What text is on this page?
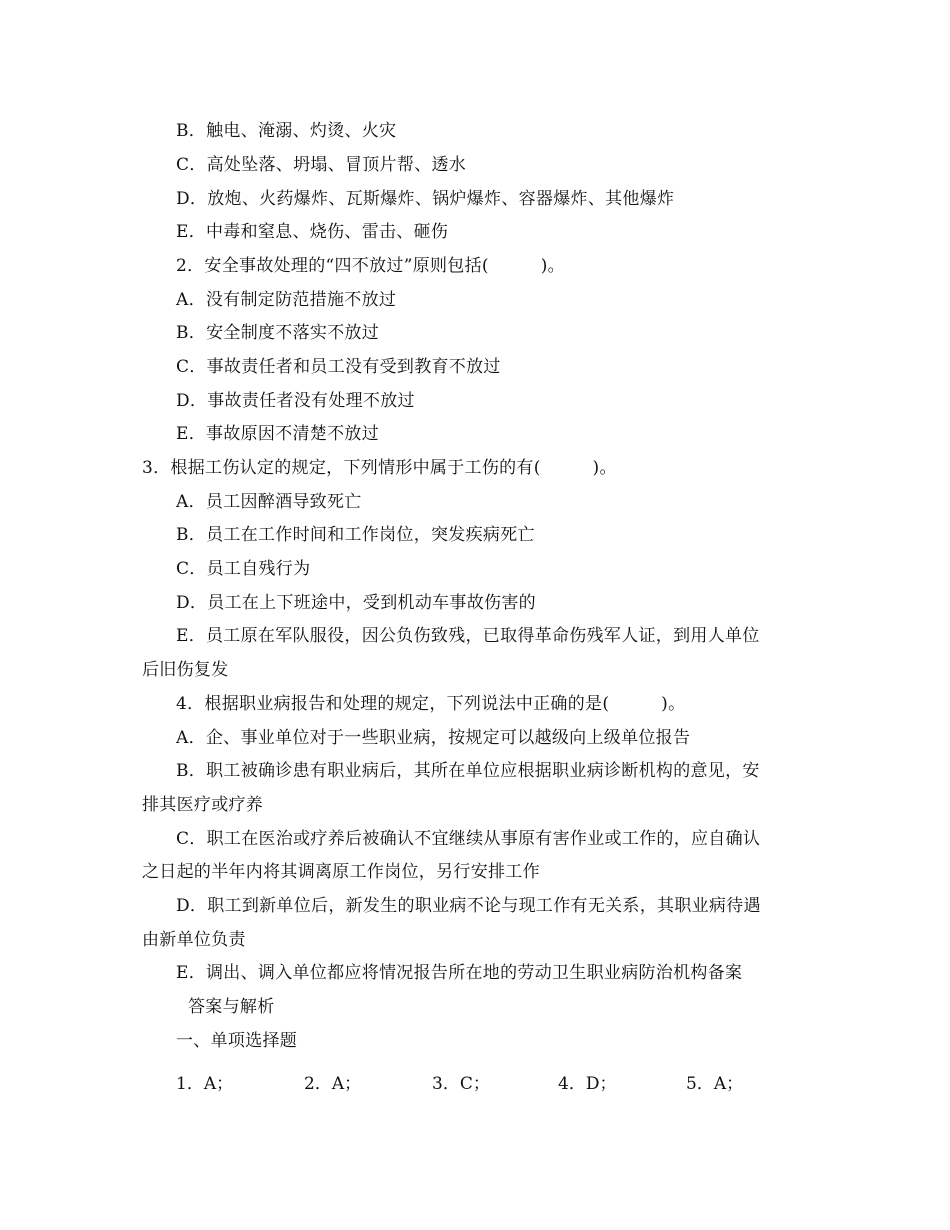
B．触电、淹溺、灼烫、火灾
C．高处坠落、坍塌、冒顶片帮、透水
D．放炮、火药爆炸、瓦斯爆炸、锅炉爆炸、容器爆炸、其他爆炸
E．中毒和窒息、烧伤、雷击、砸伤
2．安全事故处理的“四不放过”原则包括(　　　)。
A．没有制定防范措施不放过
B．安全制度不落实不放过
C．事故责任者和员工没有受到教育不放过
D．事故责任者没有处理不放过
E．事故原因不清楚不放过
3．根据工伤认定的规定，下列情形中属于工伤的有(　　　)。
A．员工因醉酒导致死亡
B．员工在工作时间和工作岗位，突发疾病死亡
C．员工自残行为
D．员工在上下班途中，受到机动车事故伤害的
E．员工原在军队服役，因公负伤致残，已取得革命伤残军人证，到用人单位
后旧伤复发
4．根据职业病报告和处理的规定，下列说法中正确的是(　　　)。
A．企、事业单位对于一些职业病，按规定可以越级向上级单位报告
B．职工被确诊患有职业病后，其所在单位应根据职业病诊断机构的意见，安
排其医疗或疗养
C．职工在医治或疗养后被确认不宜继续从事原有害作业或工作的，应自确认
之日起的半年内将其调离原工作岗位，另行安排工作
D．职工到新单位后，新发生的职业病不论与现工作有无关系，其职业病待遇
由新单位负责
E．调出、调入单位都应将情况报告所在地的劳动卫生职业病防治机构备案
答案与解析
一、单项选择题
1．A；	2．A；	3．C；	4．D；	5．A；
